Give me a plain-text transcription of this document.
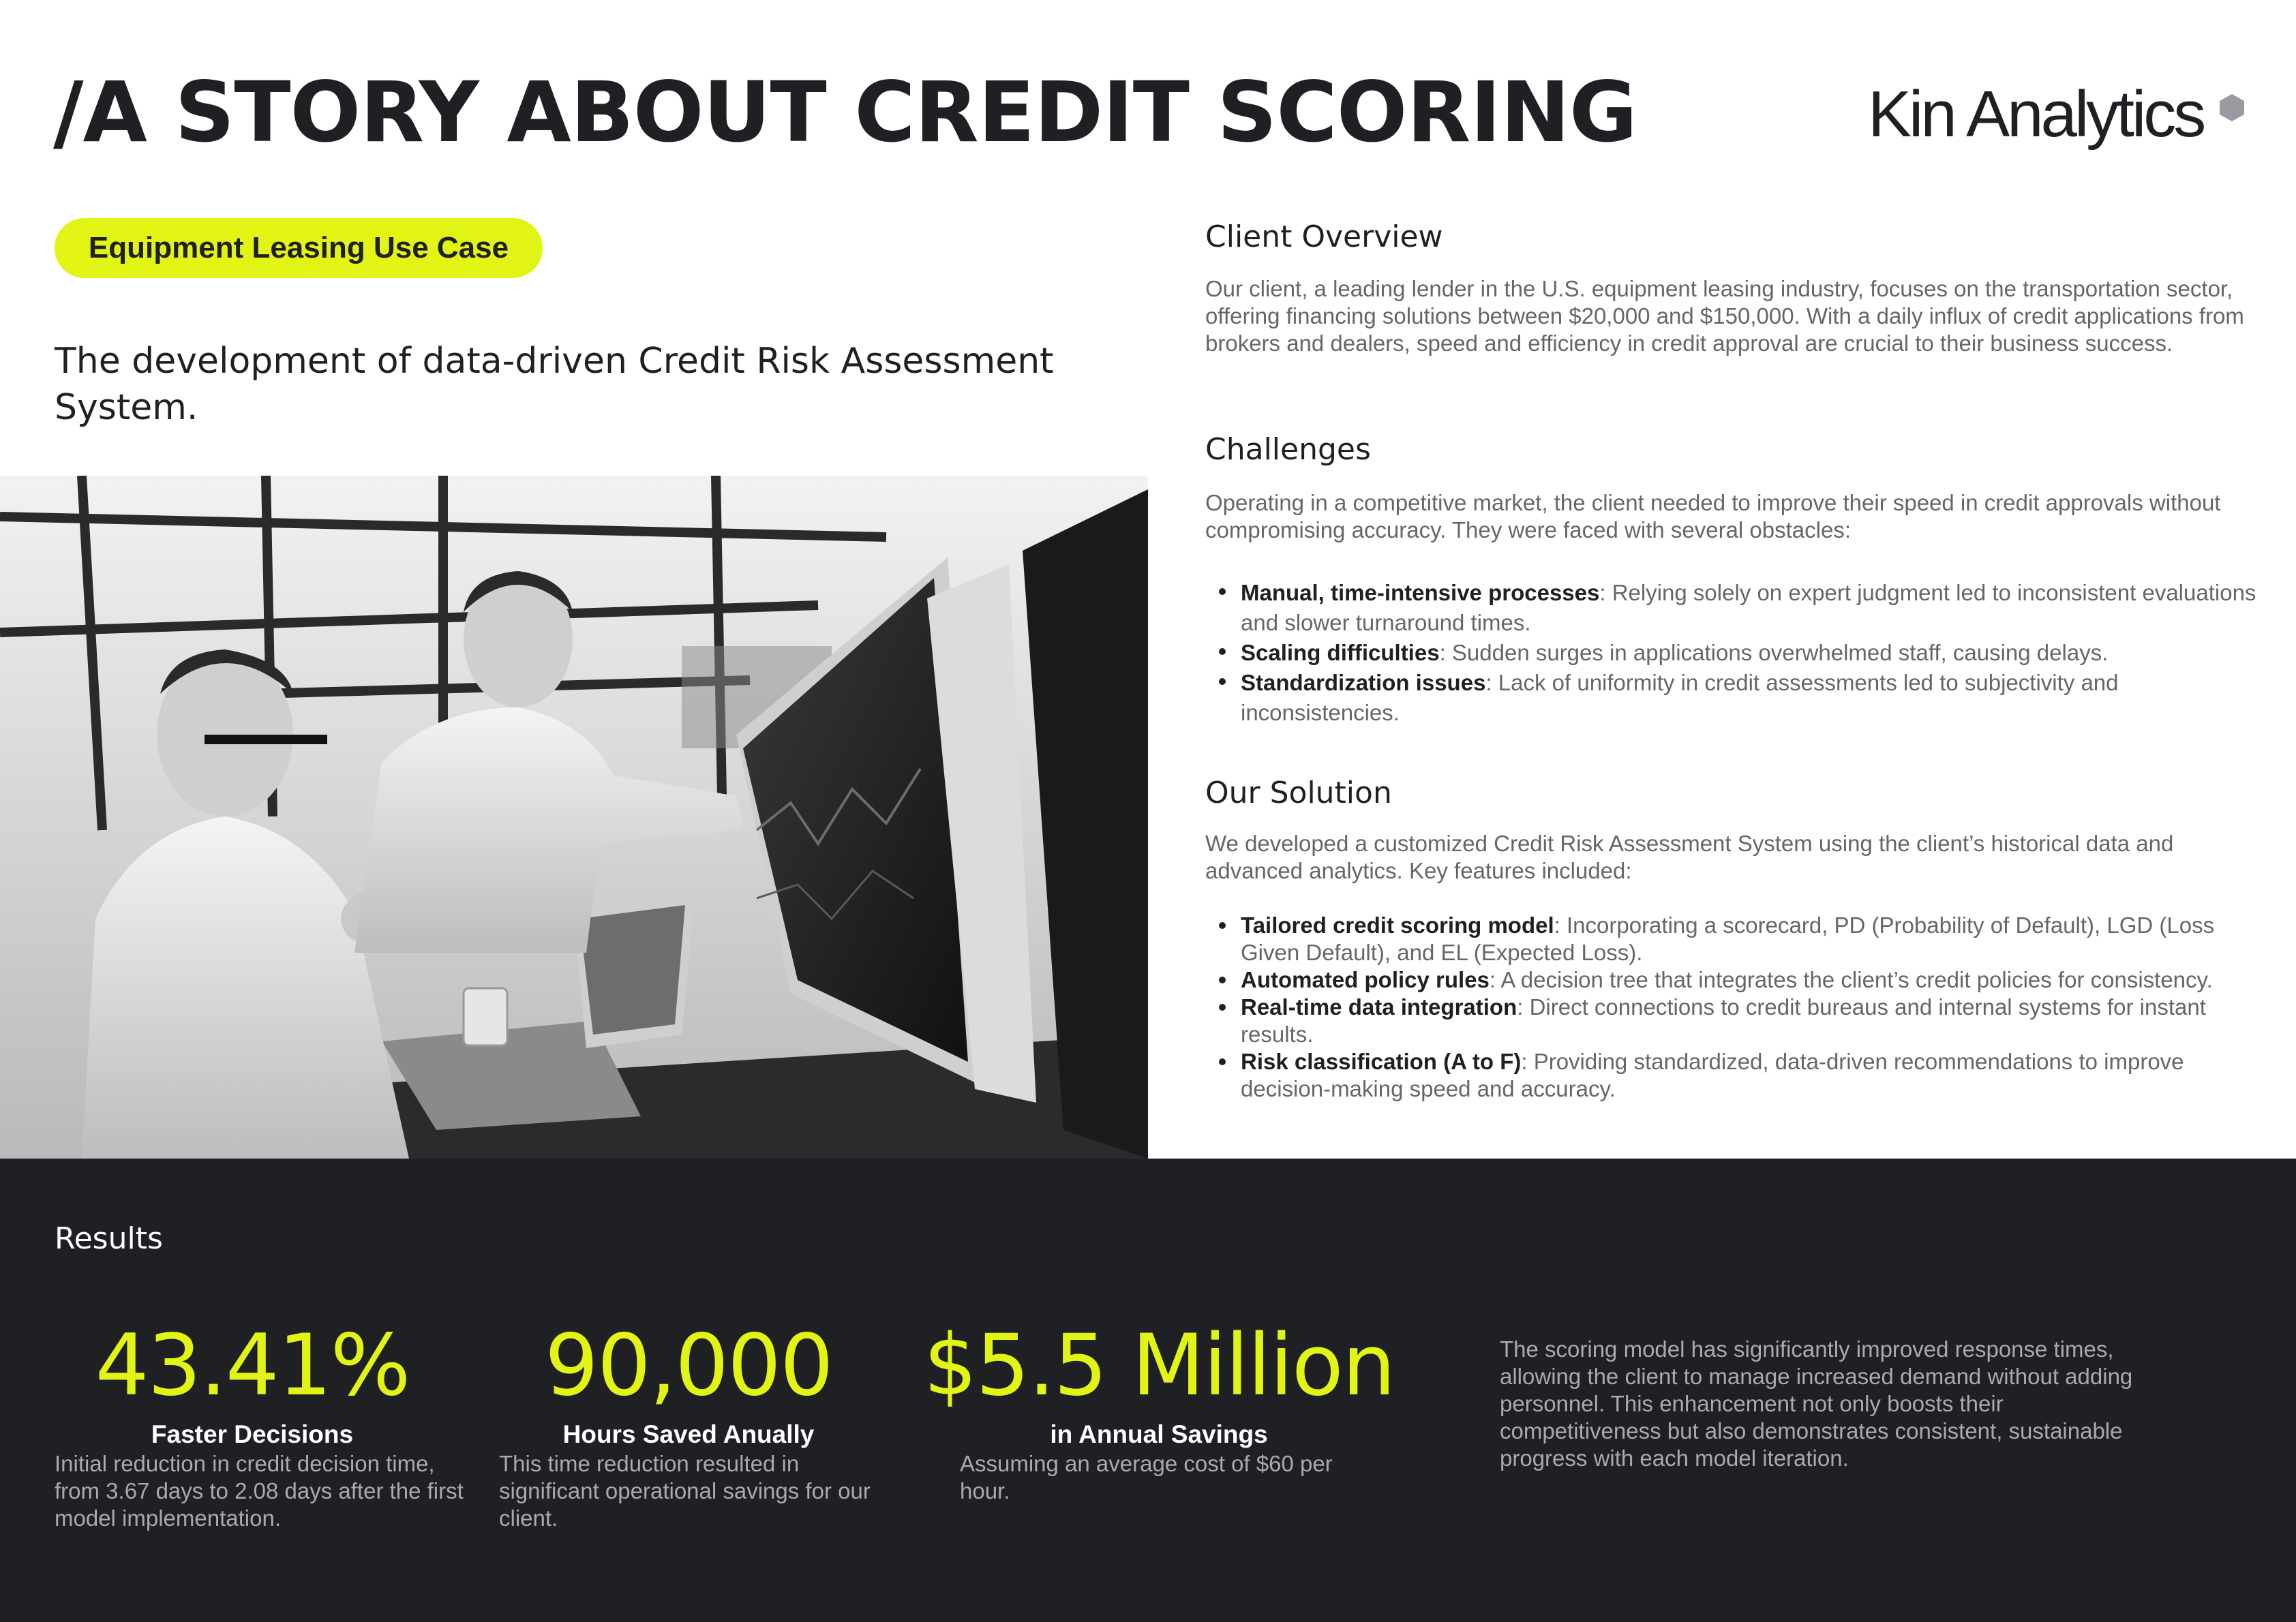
/A STORY ABOUT CREDIT SCORING	Kin Analytics
Equipment Leasing Use Case
The development of data-driven Credit Risk Assessment System.
Client Overview
Our client, a leading lender in the U.S. equipment leasing industry, focuses on the transportation sector, offering financing solutions between $20,000 and $150,000. With a daily influx of credit applications from brokers and dealers, speed and efficiency in credit approval are crucial to their business success.
Challenges
Operating in a competitive market, the client needed to improve their speed in credit approvals without compromising accuracy. They were faced with several obstacles:
Manual, time-intensive processes: Relying solely on expert judgment led to inconsistent evaluations and slower turnaround times.
Scaling difficulties: Sudden surges in applications overwhelmed staff, causing delays.
Standardization issues: Lack of uniformity in credit assessments led to subjectivity and inconsistencies.
Our Solution
We developed a customized Credit Risk Assessment System using the client’s historical data and advanced analytics. Key features included:
Tailored credit scoring model: Incorporating a scorecard, PD (Probability of Default), LGD (Loss Given Default), and EL (Expected Loss).
Automated policy rules: A decision tree that integrates the client’s credit policies for consistency.
Real-time data integration: Direct connections to credit bureaus and internal systems for instant results.
Risk classification (A to F): Providing standardized, data-driven recommendations to improve decision-making speed and accuracy.
Results
43.41%
Faster Decisions
Initial reduction in credit decision time, from 3.67 days to 2.08 days after the first model implementation.
90,000
Hours Saved Anually
This time reduction resulted in significant operational savings for our client.
$5.5 Million
in Annual Savings
Assuming an average cost of $60 per hour.
The scoring model has significantly improved response times, allowing the client to manage increased demand without adding personnel. This enhancement not only boosts their competitiveness but also demonstrates consistent, sustainable progress with each model iteration.
